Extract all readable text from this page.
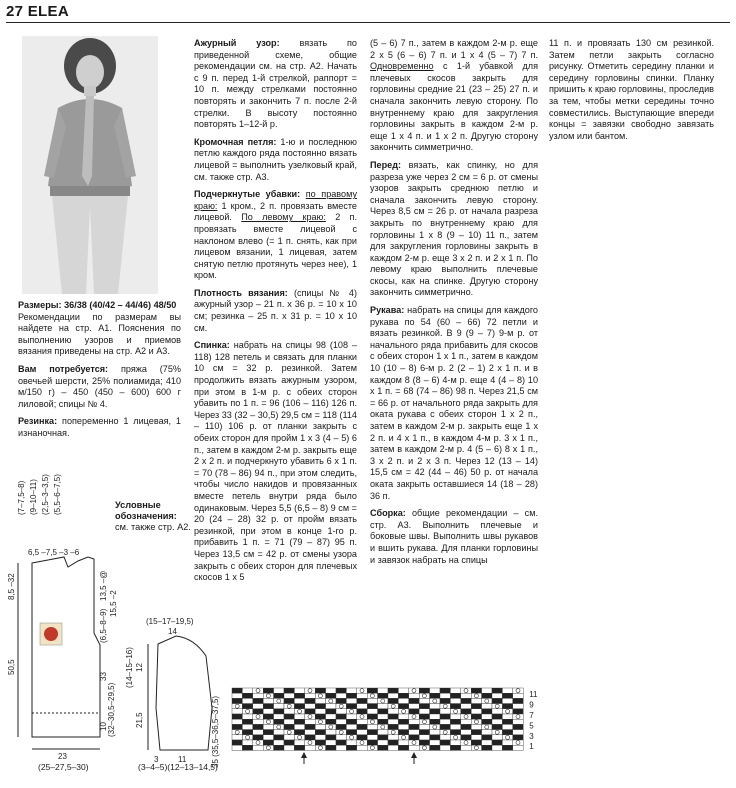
27 ELEA

Размеры: 36/38 (40/42 – 44/46) 48/50
Рекомендации по размерам вы найдете на стр. А1. Пояснения по выполнению узоров и приемов вязания приведены на стр. А2 и А3.

Вам потребуется: пряжа (75% овечьей шерсти, 25% полиамида; 410 м/150 г) – 450 (450 – 600) 600 г лиловой; спицы № 4.

Резинка: попеременно 1 лицевая, 1 изнаночная.

Условные обозначения:
см. также стр. А2.

Ажурный узор: вязать по приведенной схеме, общие рекомендации см. на стр. А2. Начать с 9 п. перед 1-й стрелкой, раппорт = 10 п. между стрелками постоянно повторять и закончить 7 п. после 2-й стрелки. В высоту постоянно повторять 1–12-й р.

Кромочная петля: 1-ю и последнюю петлю каждого ряда постоянно вязать лицевой = выполнить узелковый край, см. также стр. А3.

Подчеркнутые убавки: по правому краю: 1 кром., 2 п. провязать вместе лицевой. По левому краю: 2 п. провязать вместе лицевой с наклоном влево (= 1 п. снять, как при лицевом вязании, 1 лицевая, затем снятую петлю протянуть через нее), 1 кром.

Плотность вязания: (спицы № 4) ажурный узор – 21 п. х 36 р. = 10 х 10 см; резинка – 25 п. х 31 р. = 10 х 10 см.

Спинка: набрать на спицы 98 (108 – 118) 128 петель и связать для планки 10 см = 32 р. резинкой. Затем продолжить вязать ажурным узором, при этом в 1-м р. с обеих сторон убавить по 1 п. = 96 (106 – 116) 126 п. Через 33 (32 – 30,5) 29,5 см = 118 (114 – 110) 106 р. от планки закрыть с обеих сторон для пройм 1 х 3 (4 – 5) 6 п., затем в каждом 2-м р. закрыть еще 2 х 2 п. и подчеркнуто убавить 6 х 1 п. = 70 (78 – 86) 94 п., при этом следить, чтобы число накидов и провязанных вместе петель внутри ряда было одинаковым. Через 5,5 (6,5 – 8) 9 см = 20 (24 – 28) 32 р. от пройм вязать резинкой, при этом в конце 1-го р. прибавить 1 п. = 71 (79 – 87) 95 п. Через 13,5 см = 42 р. от смены узора закрыть с обеих сторон для плечевых скосов 1 х 5

(5 – 6) 7 п., затем в каждом 2-м р. еще 2 х 5 (6 – 6) 7 п. и 1 х 4 (5 – 7) 7 п. Одновременно с 1-й убавкой для плечевых скосов закрыть для горловины средние 21 (23 – 25) 27 п. и сначала закончить левую сторону. По внутреннему краю для закругления горловины закрыть в каждом 2-м р. еще 1 х 4 п. и 1 х 2 п. Другую сторону закончить симметрично.

Перед: вязать, как спинку, но для разреза уже через 2 см = 6 р. от смены узоров закрыть среднюю петлю и сначала закончить левую сторону. Через 8,5 см = 26 р. от начала разреза закрыть по внутреннему краю для горловины 1 х 8 (9 – 10) 11 п., затем для закругления горловины закрыть в каждом 2-м р. еще 3 х 2 п. и 2 х 1 п. По левому краю выполнить плечевые скосы, как на спинке. Другую сторону закончить симметрично.

Рукава: набрать на спицы для каждого рукава по 54 (60 – 66) 72 петли и вязать резинкой. В 9 (9 – 7) 9-м р. от начального ряда прибавить для скосов с обеих сторон 1 х 1 п., затем в каждом 10 (10 – 8) 6-м р. 2 (2 – 1) 2 х 1 п. и в каждом 8 (8 – 6) 4-м р. еще 4 (4 – 8) 10 х 1 п. = 68 (74 – 86) 98 п. Через 21,5 см = 66 р. от начального ряда закрыть для оката рукава с обеих сторон 1 х 2 п., затем в каждом 2-м р. закрыть еще 1 х 2 п. и 4 х 1 п., в каждом 4-м р. 3 х 1 п., затем в каждом 2-м р. 4 (5 – 6) 8 х 1 п., 3 х 2 п. и 2 х 3 п. Через 12 (13 – 14) 15,5 см = 42 (44 – 46) 50 р. от начала оката закрыть оставшиеся 14 (18 – 28) 36 п.

Сборка: общие рекомендации – см. стр. А3. Выполнить плечевые и боковые швы. Выполнить швы рукавов и вшить рукава. Для планки горловины и завязок набрать на спицы

11 п. и провязать 130 см резинкой. Затем петли закрыть согласно рисунку. Отметить середину планки и середину горловины спинки. Планку пришить к краю горловины, проследив за тем, чтобы метки середины точно совместились. Выступающие впереди концы = завязки свободно завязать узлом или бантом.

(7–7,5–8) (9–10–11) (2,5–3–3,5) (5,5–6–7,5)
6,5 –7,5 –3 –6
8,5 –32	13,5 –@
15,5 –2
(6,5–8–9)
50,5
(32–30,5–29,5)
33
10
23
(25–27,5–30)
(15–17–19,5)
14
(14–15–16) 12
21,5	35 (35,5–36,5–37,5)
3 11
(3–4–5)(12–13–14,5)
11
9
7
5
3
1
